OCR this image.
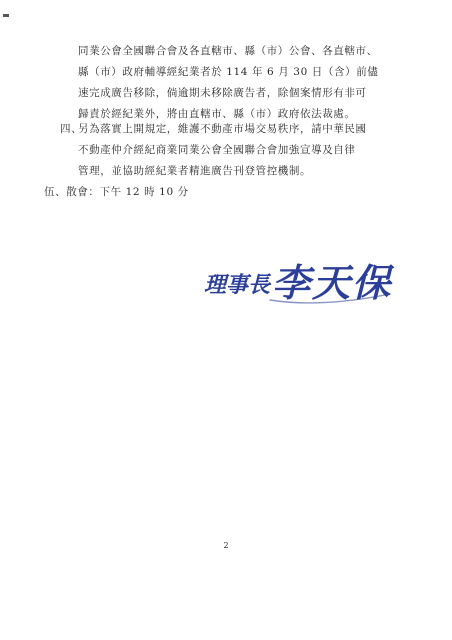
同業公會全國聯合會及各直轄市、縣（市）公會、各直轄市、
縣（市）政府輔導經紀業者於 114 年 6 月 30 日（含）前儘
速完成廣告移除，倘逾期未移除廣告者，除個案情形有非可
歸責於經紀業外，將由直轄市、縣（市）政府依法裁處。
四、
另為落實上開規定，維護不動產市場交易秩序，請中華民國
不動產仲介經紀商業同業公會全國聯合會加強宣導及自律
管理，並協助經紀業者精進廣告刊登管控機制。
伍、散會：下午 12 時 10 分
理事長 李天保
2
